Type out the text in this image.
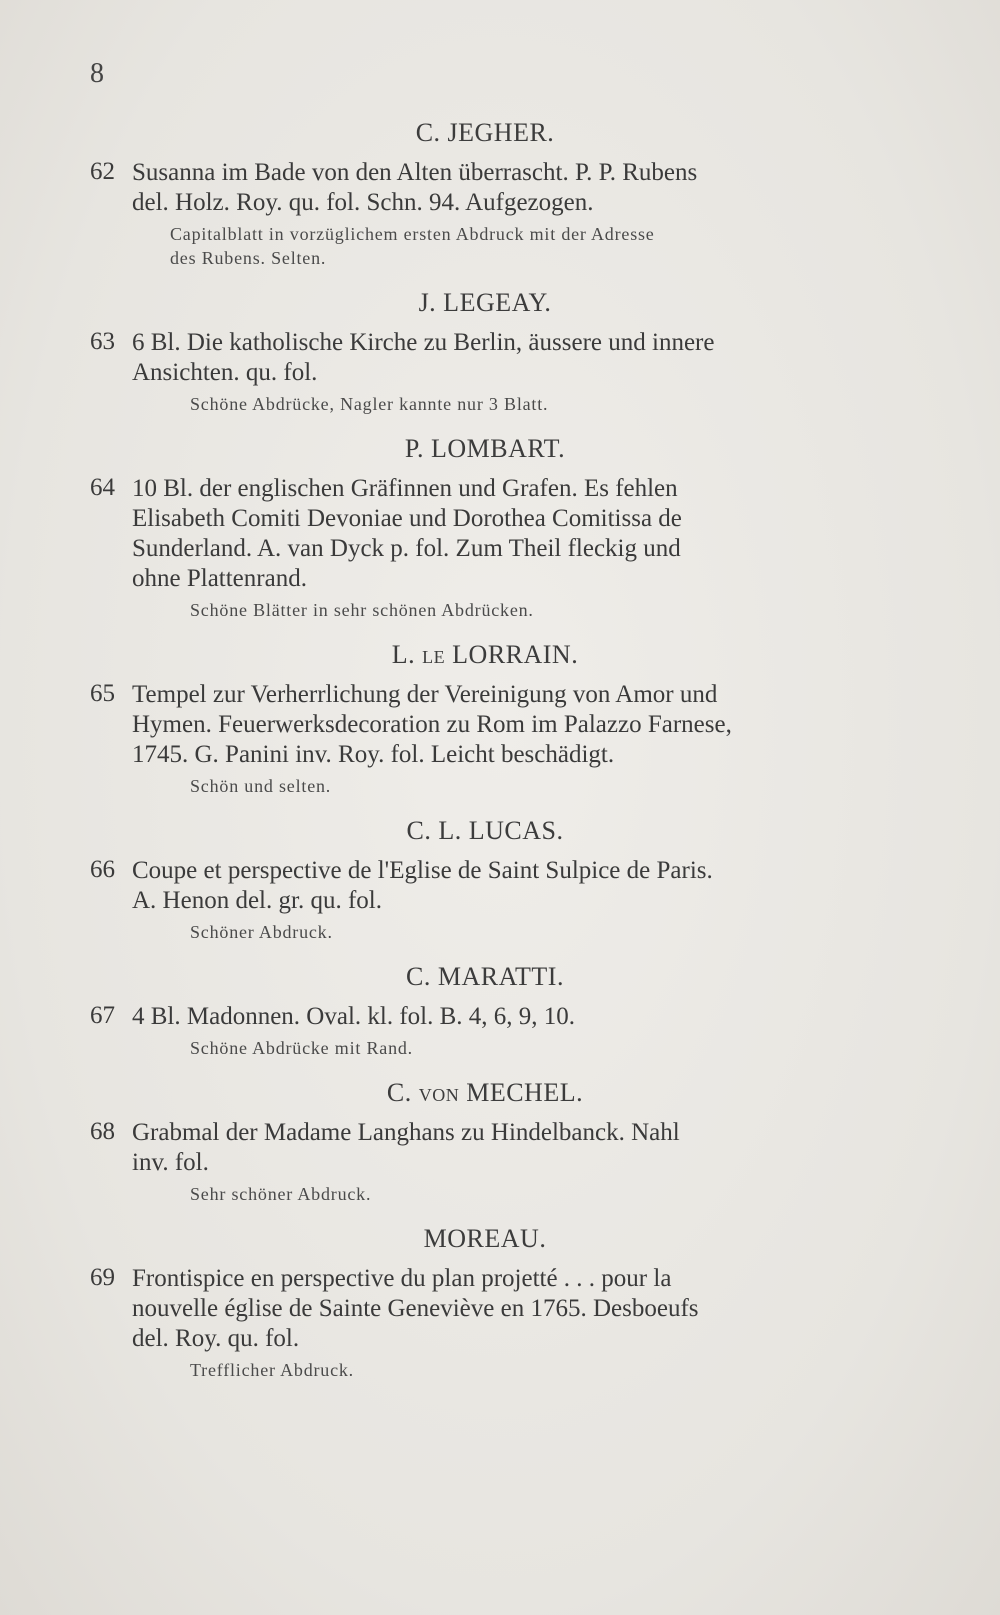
8
C. JEGHER.
62 Susanna im Bade von den Alten überrascht. P. P. Rubens
del. Holz. Roy. qu. fol. Schn. 94. Aufgezogen.
Capitalblatt in vorzüglichem ersten Abdruck mit der Adresse
des Rubens. Selten.
J. LEGEAY.
63 6 Bl. Die katholische Kirche zu Berlin, äussere und innere
Ansichten. qu. fol.
Schöne Abdrücke, Nagler kannte nur 3 Blatt.
P. LOMBART.
64 10 Bl. der englischen Gräfinnen und Grafen. Es fehlen
Elisabeth Comiti Devoniae und Dorothea Comitissa de
Sunderland. A. van Dyck p. fol. Zum Theil fleckig und
ohne Plattenrand.
Schöne Blätter in sehr schönen Abdrücken.
L. le LORRAIN.
65 Tempel zur Verherrlichung der Vereinigung von Amor und
Hymen. Feuerwerksdecoration zu Rom im Palazzo Farnese,
1745. G. Panini inv. Roy. fol. Leicht beschädigt.
Schön und selten.
C. L. LUCAS.
66 Coupe et perspective de l'Eglise de Saint Sulpice de Paris.
A. Henon del. gr. qu. fol.
Schöner Abdruck.
C. MARATTI.
67 4 Bl. Madonnen. Oval. kl. fol. B. 4, 6, 9, 10.
Schöne Abdrücke mit Rand.
C. von MECHEL.
68 Grabmal der Madame Langhans zu Hindelbanck. Nahl
inv. fol.
Sehr schöner Abdruck.
MOREAU.
69 Frontispice en perspective du plan projetté . . . pour la
nouvelle église de Sainte Geneviève en 1765. Desboeufs
del. Roy. qu. fol.
Trefflicher Abdruck.
